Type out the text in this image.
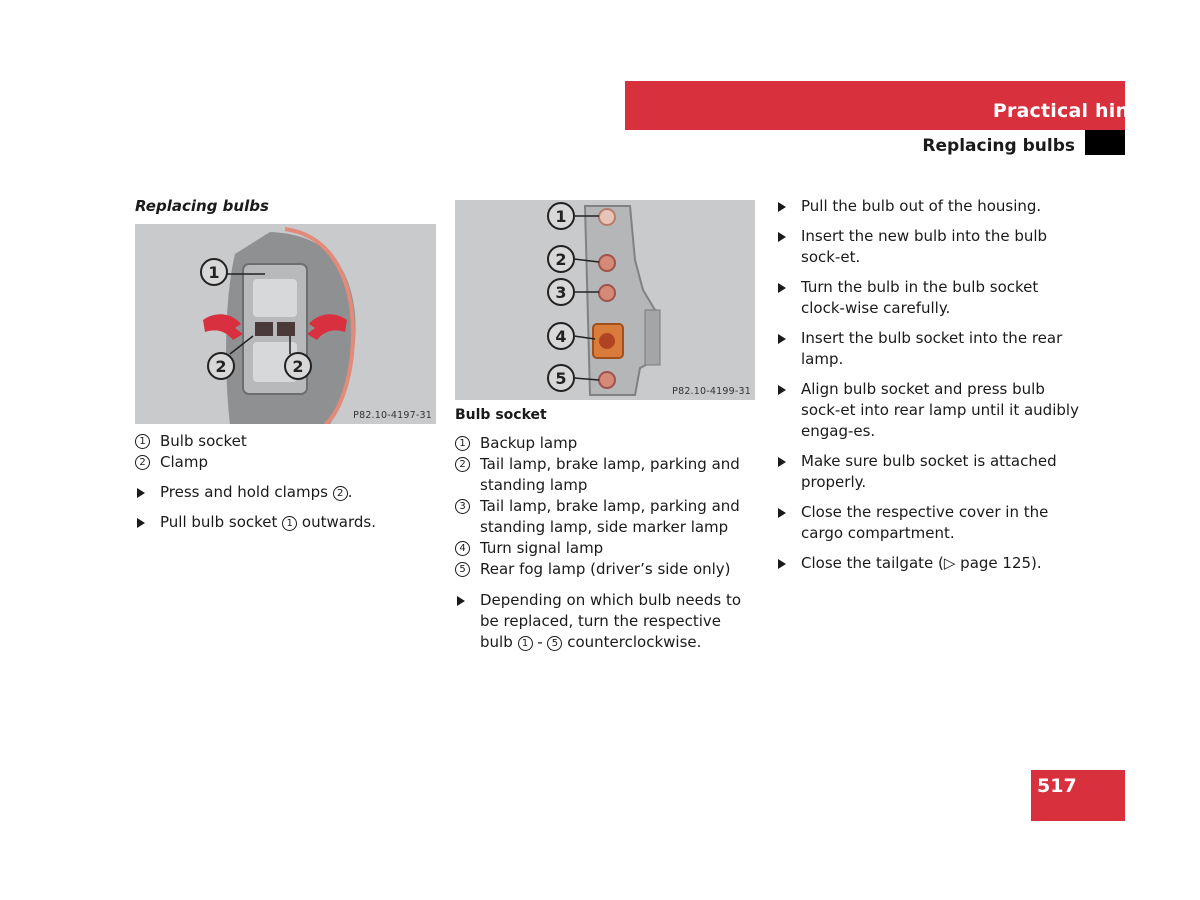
Practical hints
Replacing bulbs
Replacing bulbs
1
2	2
P82.10-4197-31
1 Bulb socket
2 Clamp
Press and hold clamps 2 .
Pull bulb socket 1 outwards.
1
2
3
4
5
P82.10-4199-31
Bulb socket
1 Backup lamp
2 Tail lamp, brake lamp, parking and standing lamp
3 Tail lamp, brake lamp, parking and standing lamp, side marker lamp
4 Turn signal lamp
5 Rear fog lamp (driver’s side only)
Depending on which bulb needs to be replaced, turn the respective bulb 1 - 5 counterclockwise.
Pull the bulb out of the housing.
Insert the new bulb into the bulb sock-et.
Turn the bulb in the bulb socket clock-wise carefully.
Insert the bulb socket into the rear lamp.
Align bulb socket and press bulb sock-et into rear lamp until it audibly engag-es.
Make sure bulb socket is attached properly.
Close the respective cover in the cargo compartment.
Close the tailgate (▷ page 125).
517
